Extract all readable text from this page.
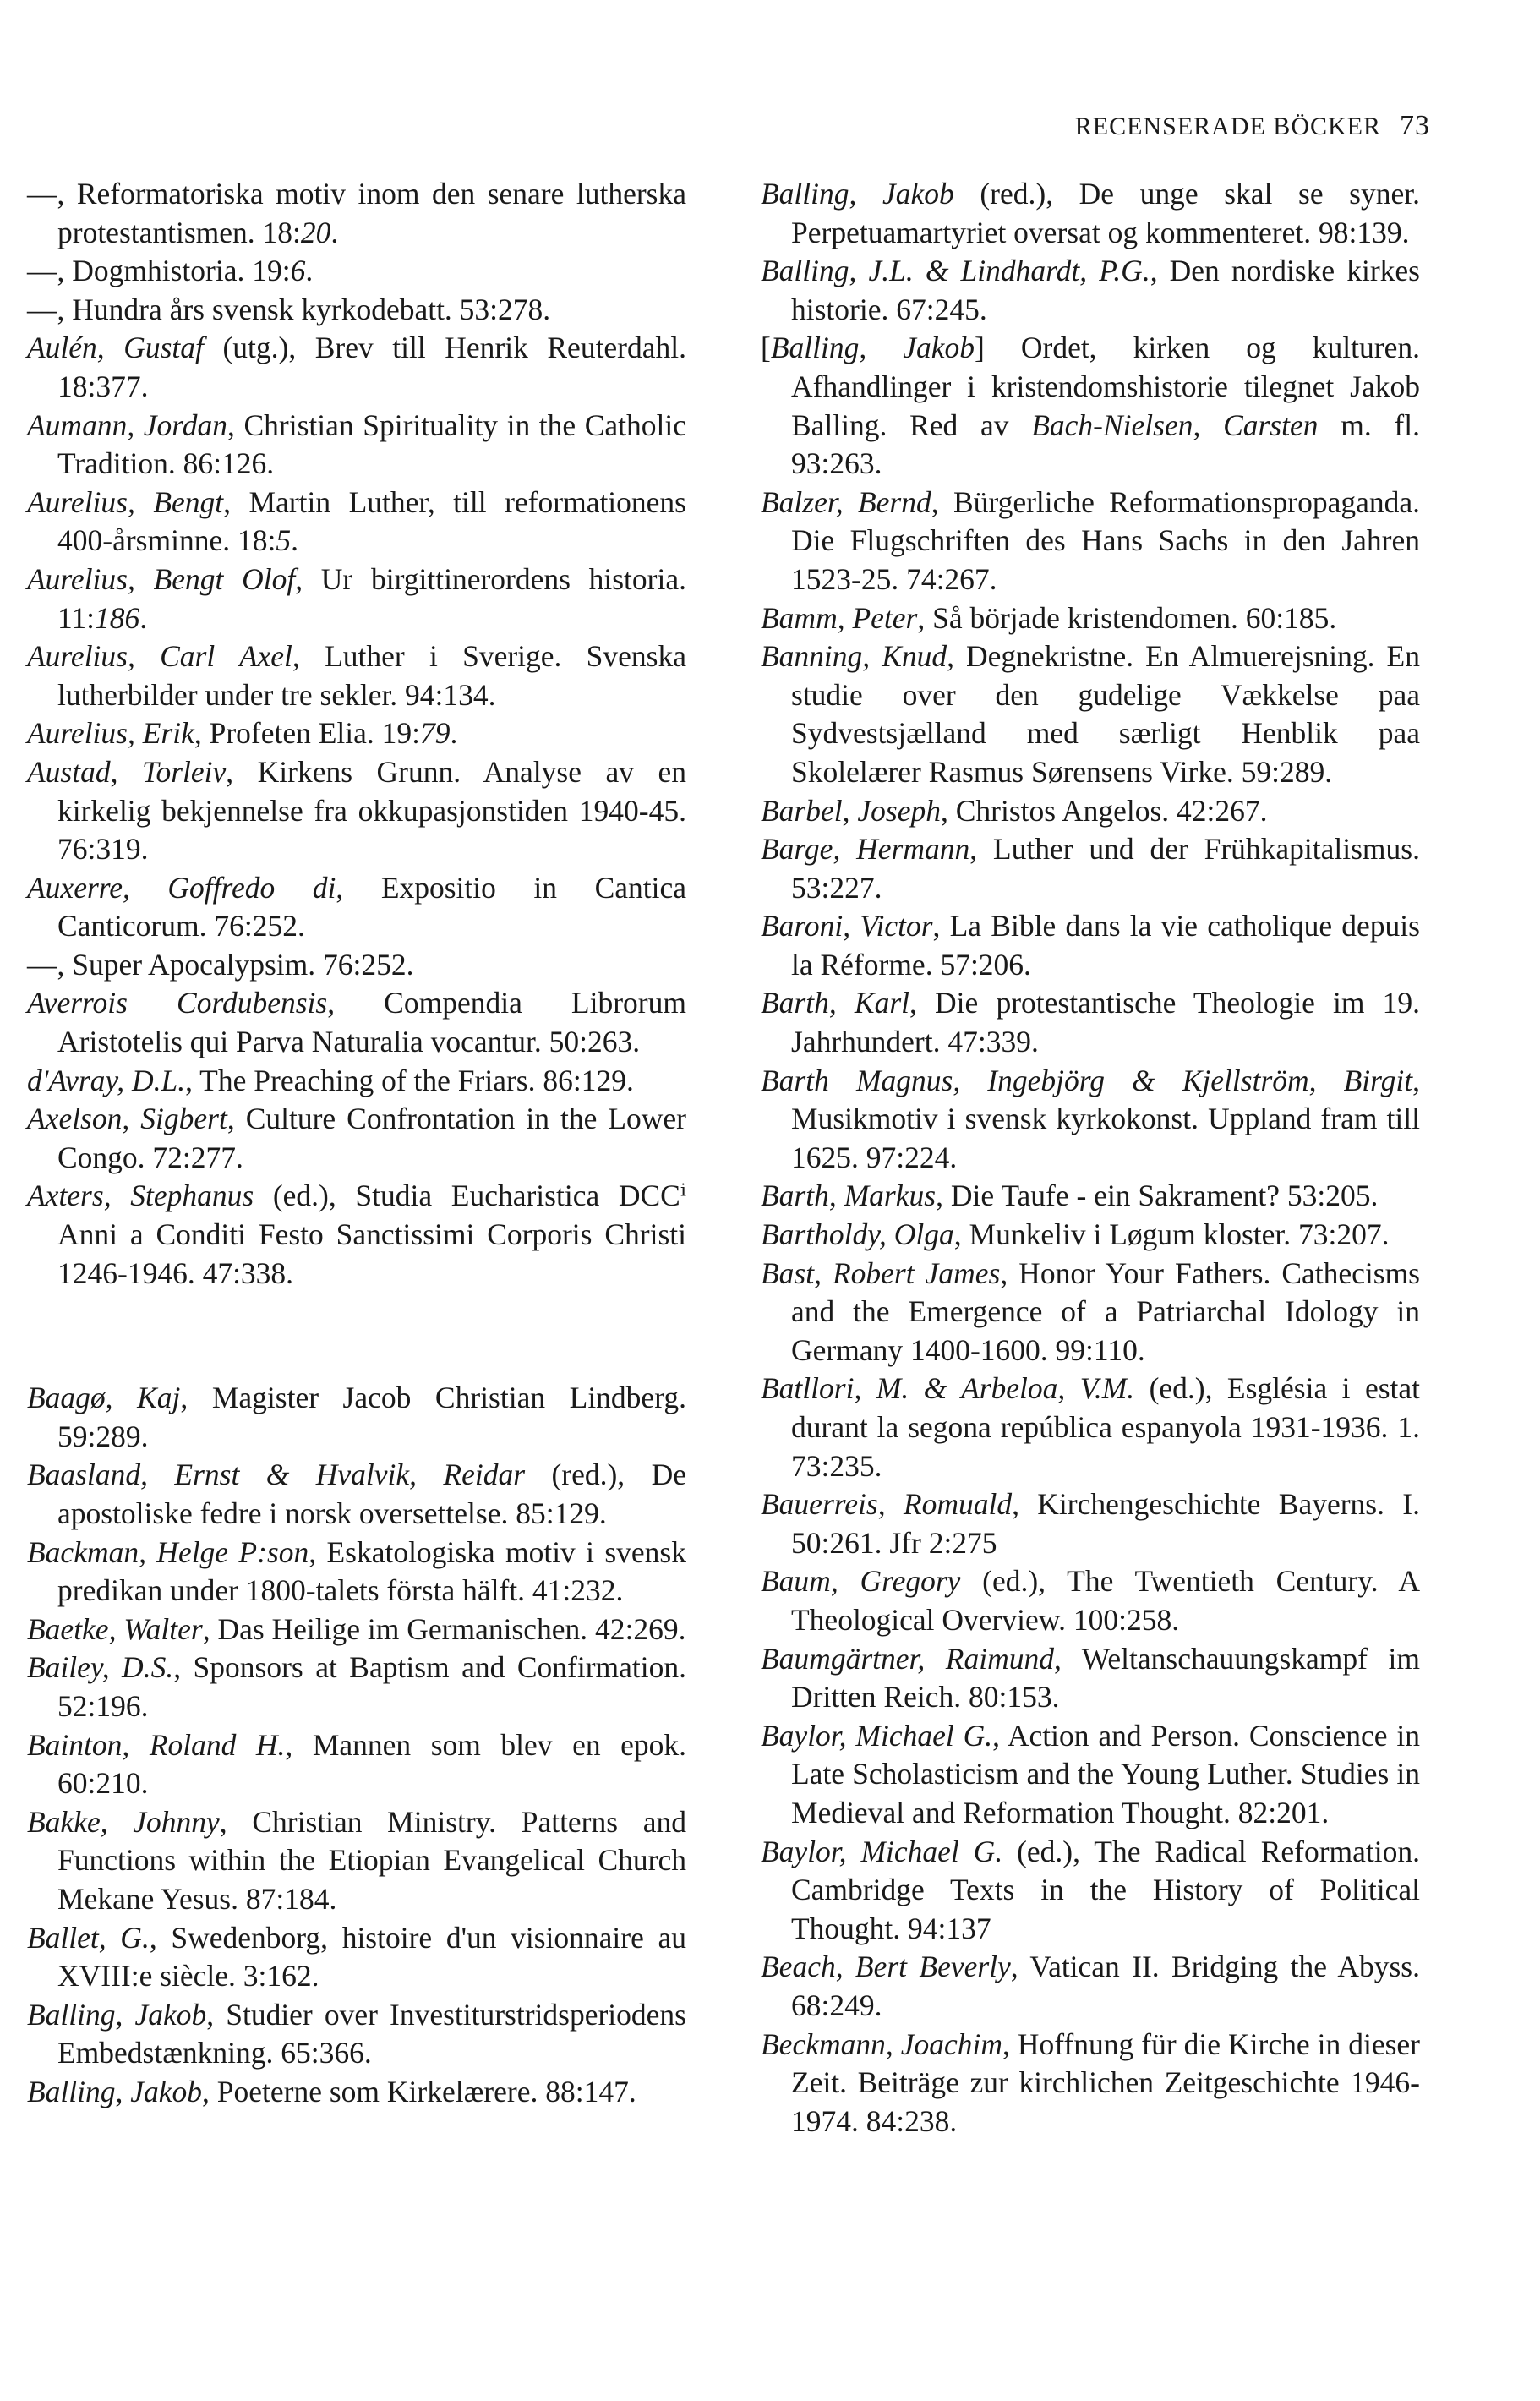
RECENSERADE BÖCKER 73
—, Reformatoriska motiv inom den senare lutherska protestantismen. 18:20.
—, Dogmhistoria. 19:6.
—, Hundra års svensk kyrkodebatt. 53:278.
Aulén, Gustaf (utg.), Brev till Henrik Reuterdahl. 18:377.
Aumann, Jordan, Christian Spirituality in the Catholic Tradition. 86:126.
Aurelius, Bengt, Martin Luther, till reformationens 400-årsminne. 18:5.
Aurelius, Bengt Olof, Ur birgittinerordens historia. 11:186.
Aurelius, Carl Axel, Luther i Sverige. Svenska lutherbilder under tre sekler. 94:134.
Aurelius, Erik, Profeten Elia. 19:79.
Austad, Torleiv, Kirkens Grunn. Analyse av en kirkelig bekjennelse fra okkupasjonstiden 1940-45. 76:319.
Auxerre, Goffredo di, Expositio in Cantica Canticorum. 76:252.
—, Super Apocalypsim. 76:252.
Averrois Cordubensis, Compendia Librorum Aristotelis qui Parva Naturalia vocantur. 50:263.
d'Avray, D.L., The Preaching of the Friars. 86:129.
Axelson, Sigbert, Culture Confrontation in the Lower Congo. 72:277.
Axters, Stephanus (ed.), Studia Eucharistica DCCⁱ Anni a Conditi Festo Sanctissimi Corporis Christi 1246-1946. 47:338.
Baagø, Kaj, Magister Jacob Christian Lindberg. 59:289.
Baasland, Ernst & Hvalvik, Reidar (red.), De apostoliske fedre i norsk oversettelse. 85:129.
Backman, Helge P:son, Eskatologiska motiv i svensk predikan under 1800-talets första hälft. 41:232.
Baetke, Walter, Das Heilige im Germanischen. 42:269.
Bailey, D.S., Sponsors at Baptism and Confirmation. 52:196.
Bainton, Roland H., Mannen som blev en epok. 60:210.
Bakke, Johnny, Christian Ministry. Patterns and Functions within the Etiopian Evangelical Church Mekane Yesus. 87:184.
Ballet, G., Swedenborg, histoire d'un visionnaire au XVIII:e siècle. 3:162.
Balling, Jakob, Studier over Investiturstridsperiodens Embedstænkning. 65:366.
Balling, Jakob, Poeterne som Kirkelærere. 88:147.
Balling, Jakob (red.), De unge skal se syner. Perpetuamartyriet oversat og kommenteret. 98:139.
Balling, J.L. & Lindhardt, P.G., Den nordiske kirkes historie. 67:245.
[Balling, Jakob] Ordet, kirken og kulturen. Afhandlinger i kristendomshistorie tilegnet Jakob Balling. Red av Bach-Nielsen, Carsten m. fl. 93:263.
Balzer, Bernd, Bürgerliche Reformationspropaganda. Die Flugschriften des Hans Sachs in den Jahren 1523-25. 74:267.
Bamm, Peter, Så började kristendomen. 60:185.
Banning, Knud, Degnekristne. En Almuerejsning. En studie over den gudelige Vækkelse paa Sydvestsjælland med særligt Henblik paa Skolelærer Rasmus Sørensens Virke. 59:289.
Barbel, Joseph, Christos Angelos. 42:267.
Barge, Hermann, Luther und der Frühkapitalismus. 53:227.
Baroni, Victor, La Bible dans la vie catholique depuis la Réforme. 57:206.
Barth, Karl, Die protestantische Theologie im 19. Jahrhundert. 47:339.
Barth Magnus, Ingebjörg & Kjellström, Birgit, Musikmotiv i svensk kyrkokonst. Uppland fram till 1625. 97:224.
Barth, Markus, Die Taufe - ein Sakrament? 53:205.
Bartholdy, Olga, Munkeliv i Løgum kloster. 73:207.
Bast, Robert James, Honor Your Fathers. Cathecisms and the Emergence of a Patriarchal Idology in Germany 1400-1600. 99:110.
Batllori, M. & Arbeloa, V.M. (ed.), Església i estat durant la segona república espanyola 1931-1936. 1. 73:235.
Bauerreis, Romuald, Kirchengeschichte Bayerns. I. 50:261. Jfr 2:275
Baum, Gregory (ed.), The Twentieth Century. A Theological Overview. 100:258.
Baumgärtner, Raimund, Weltanschauungskampf im Dritten Reich. 80:153.
Baylor, Michael G., Action and Person. Conscience in Late Scholasticism and the Young Luther. Studies in Medieval and Reformation Thought. 82:201.
Baylor, Michael G. (ed.), The Radical Reformation. Cambridge Texts in the History of Political Thought. 94:137
Beach, Bert Beverly, Vatican II. Bridging the Abyss. 68:249.
Beckmann, Joachim, Hoffnung für die Kirche in dieser Zeit. Beiträge zur kirchlichen Zeitgeschichte 1946-1974. 84:238.
